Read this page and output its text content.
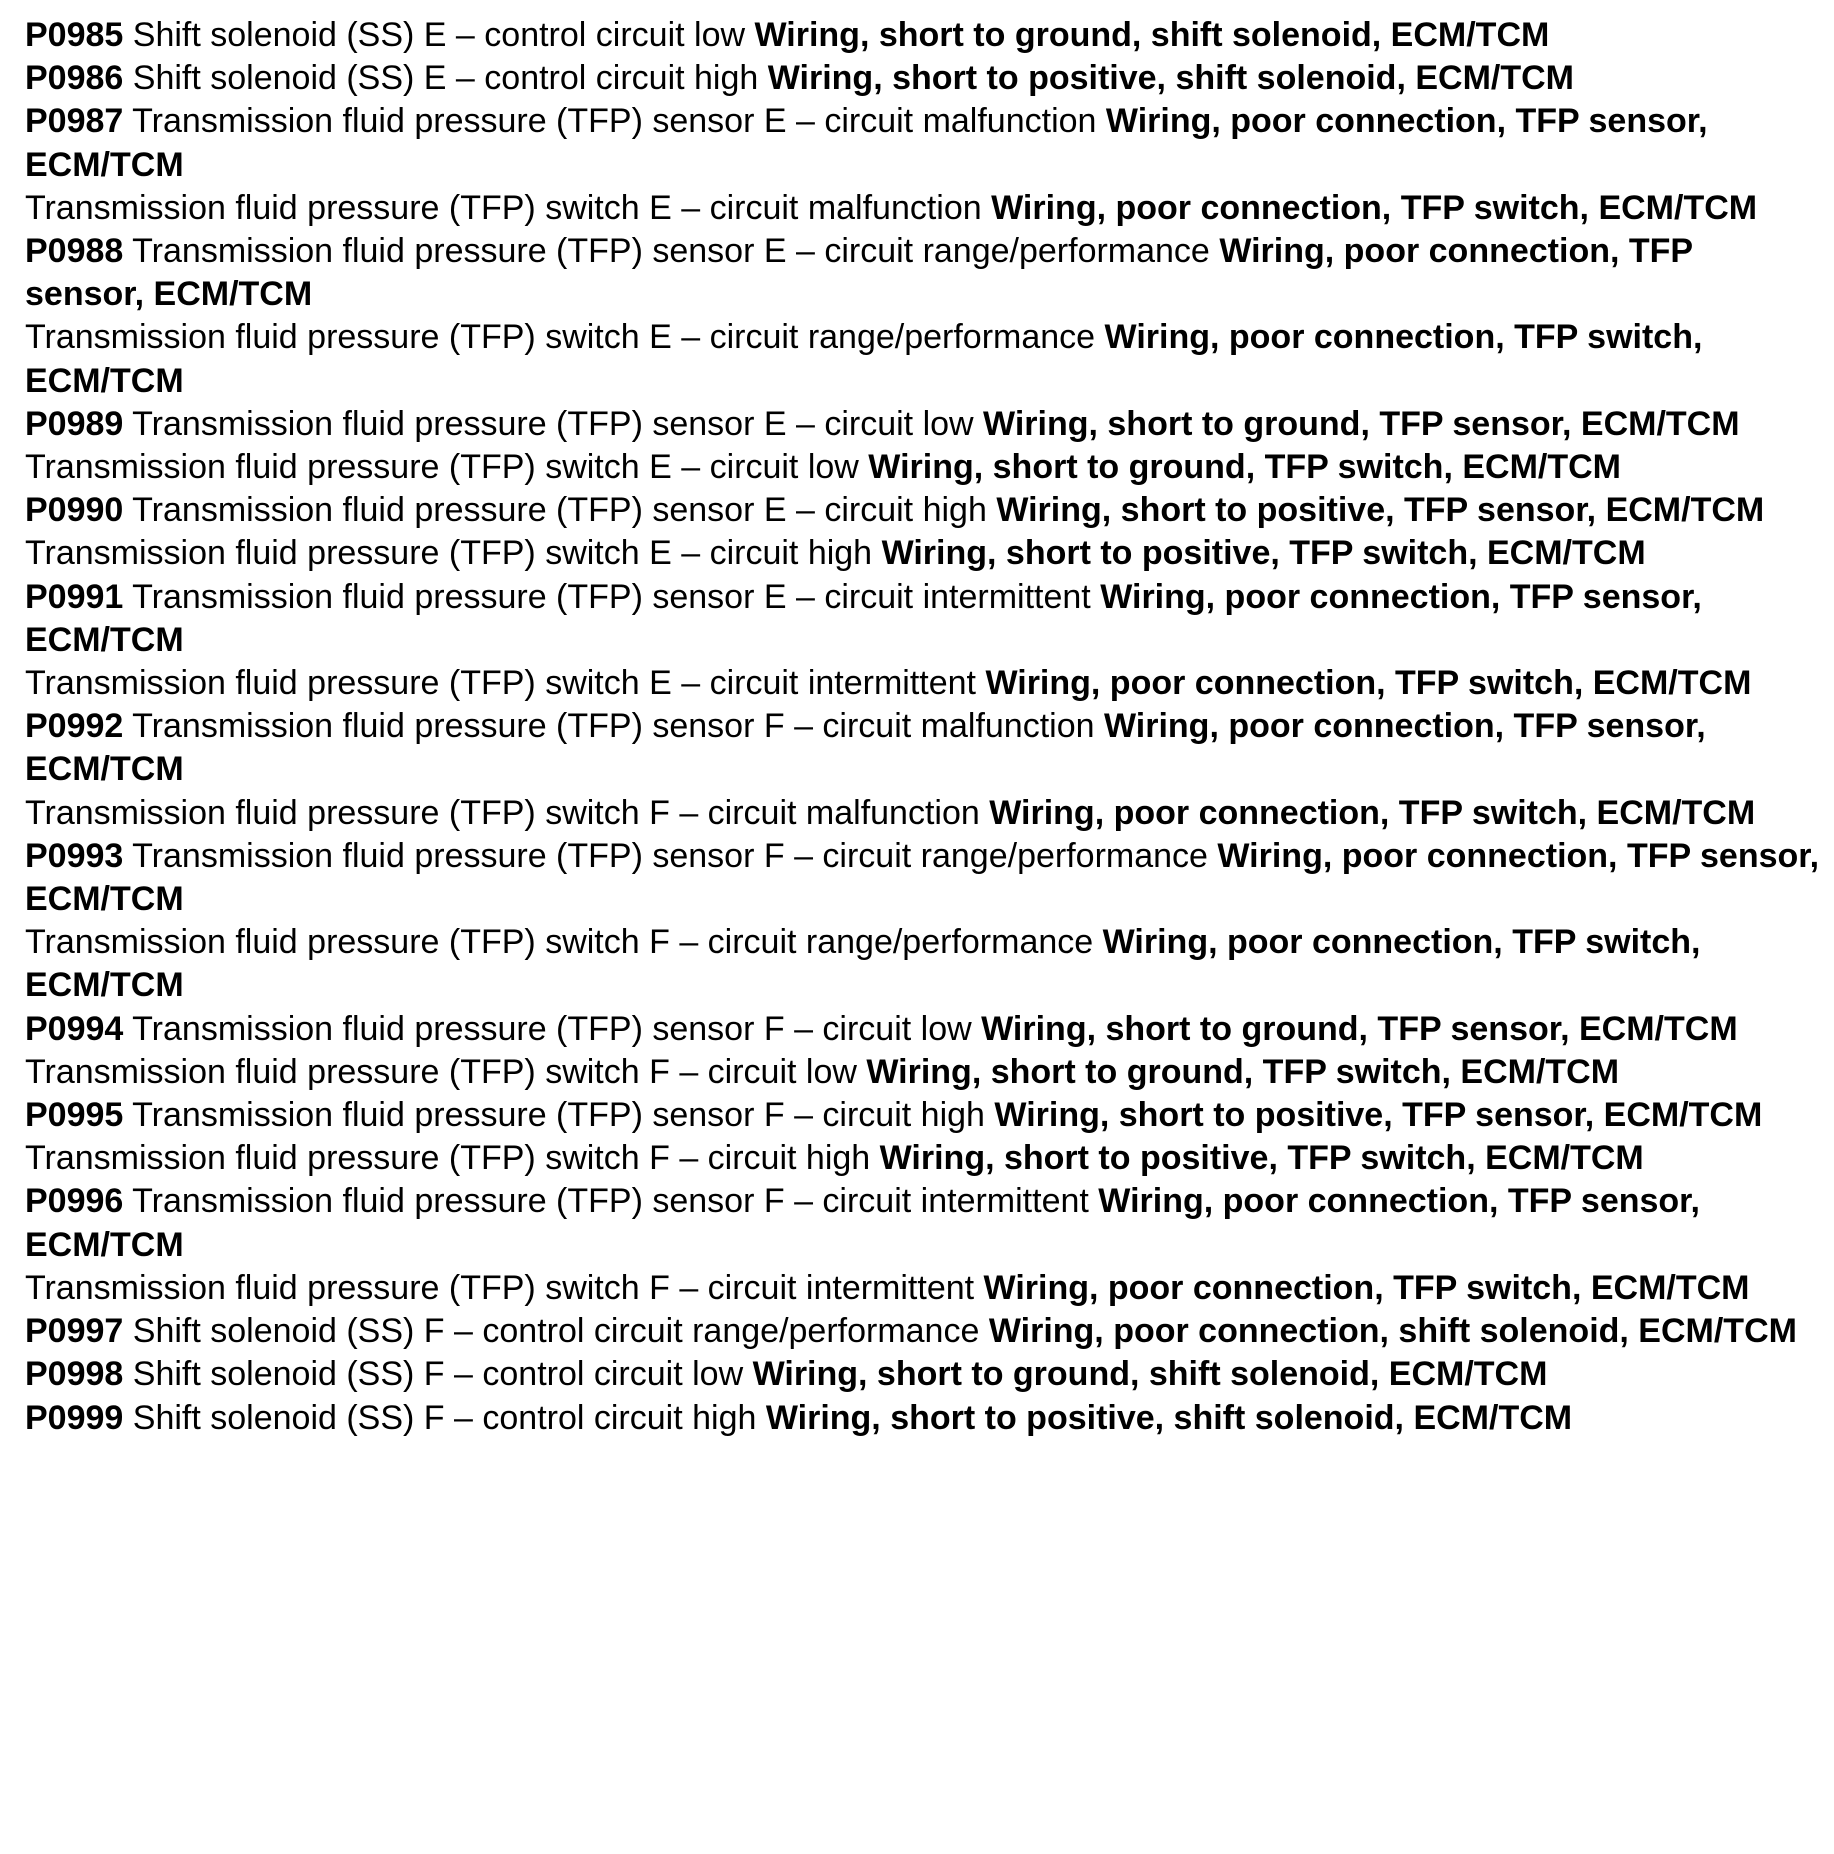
P0985 Shift solenoid (SS) E – control circuit low Wiring, short to ground, shift solenoid, ECM/TCM

P0986 Shift solenoid (SS) E – control circuit high Wiring, short to positive, shift solenoid, ECM/TCM

P0987 Transmission fluid pressure (TFP) sensor E – circuit malfunction Wiring, poor connection, TFP sensor, ECM/TCM

Transmission fluid pressure (TFP) switch E – circuit malfunction Wiring, poor connection, TFP switch, ECM/TCM

P0988 Transmission fluid pressure (TFP) sensor E – circuit range/performance Wiring, poor connection, TFP sensor, ECM/TCM

Transmission fluid pressure (TFP) switch E – circuit range/performance Wiring, poor connection, TFP switch, ECM/TCM

P0989 Transmission fluid pressure (TFP) sensor E – circuit low Wiring, short to ground, TFP sensor, ECM/TCM

Transmission fluid pressure (TFP) switch E – circuit low Wiring, short to ground, TFP switch, ECM/TCM

P0990 Transmission fluid pressure (TFP) sensor E – circuit high Wiring, short to positive, TFP sensor, ECM/TCM

Transmission fluid pressure (TFP) switch E – circuit high Wiring, short to positive, TFP switch, ECM/TCM

P0991 Transmission fluid pressure (TFP) sensor E – circuit intermittent Wiring, poor connection, TFP sensor, ECM/TCM

Transmission fluid pressure (TFP) switch E – circuit intermittent Wiring, poor connection, TFP switch, ECM/TCM

P0992 Transmission fluid pressure (TFP) sensor F – circuit malfunction Wiring, poor connection, TFP sensor, ECM/TCM

Transmission fluid pressure (TFP) switch F – circuit malfunction Wiring, poor connection, TFP switch, ECM/TCM

P0993 Transmission fluid pressure (TFP) sensor F – circuit range/performance Wiring, poor connection, TFP sensor, ECM/TCM

Transmission fluid pressure (TFP) switch F – circuit range/performance Wiring, poor connection, TFP switch, ECM/TCM

P0994 Transmission fluid pressure (TFP) sensor F – circuit low Wiring, short to ground, TFP sensor, ECM/TCM

Transmission fluid pressure (TFP) switch F – circuit low Wiring, short to ground, TFP switch, ECM/TCM

P0995 Transmission fluid pressure (TFP) sensor F – circuit high Wiring, short to positive, TFP sensor, ECM/TCM

Transmission fluid pressure (TFP) switch F – circuit high Wiring, short to positive, TFP switch, ECM/TCM

P0996 Transmission fluid pressure (TFP) sensor F – circuit intermittent Wiring, poor connection, TFP sensor, ECM/TCM

Transmission fluid pressure (TFP) switch F – circuit intermittent Wiring, poor connection, TFP switch, ECM/TCM

P0997 Shift solenoid (SS) F – control circuit range/performance Wiring, poor connection, shift solenoid, ECM/TCM

P0998 Shift solenoid (SS) F – control circuit low Wiring, short to ground, shift solenoid, ECM/TCM

P0999 Shift solenoid (SS) F – control circuit high Wiring, short to positive, shift solenoid, ECM/TCM
